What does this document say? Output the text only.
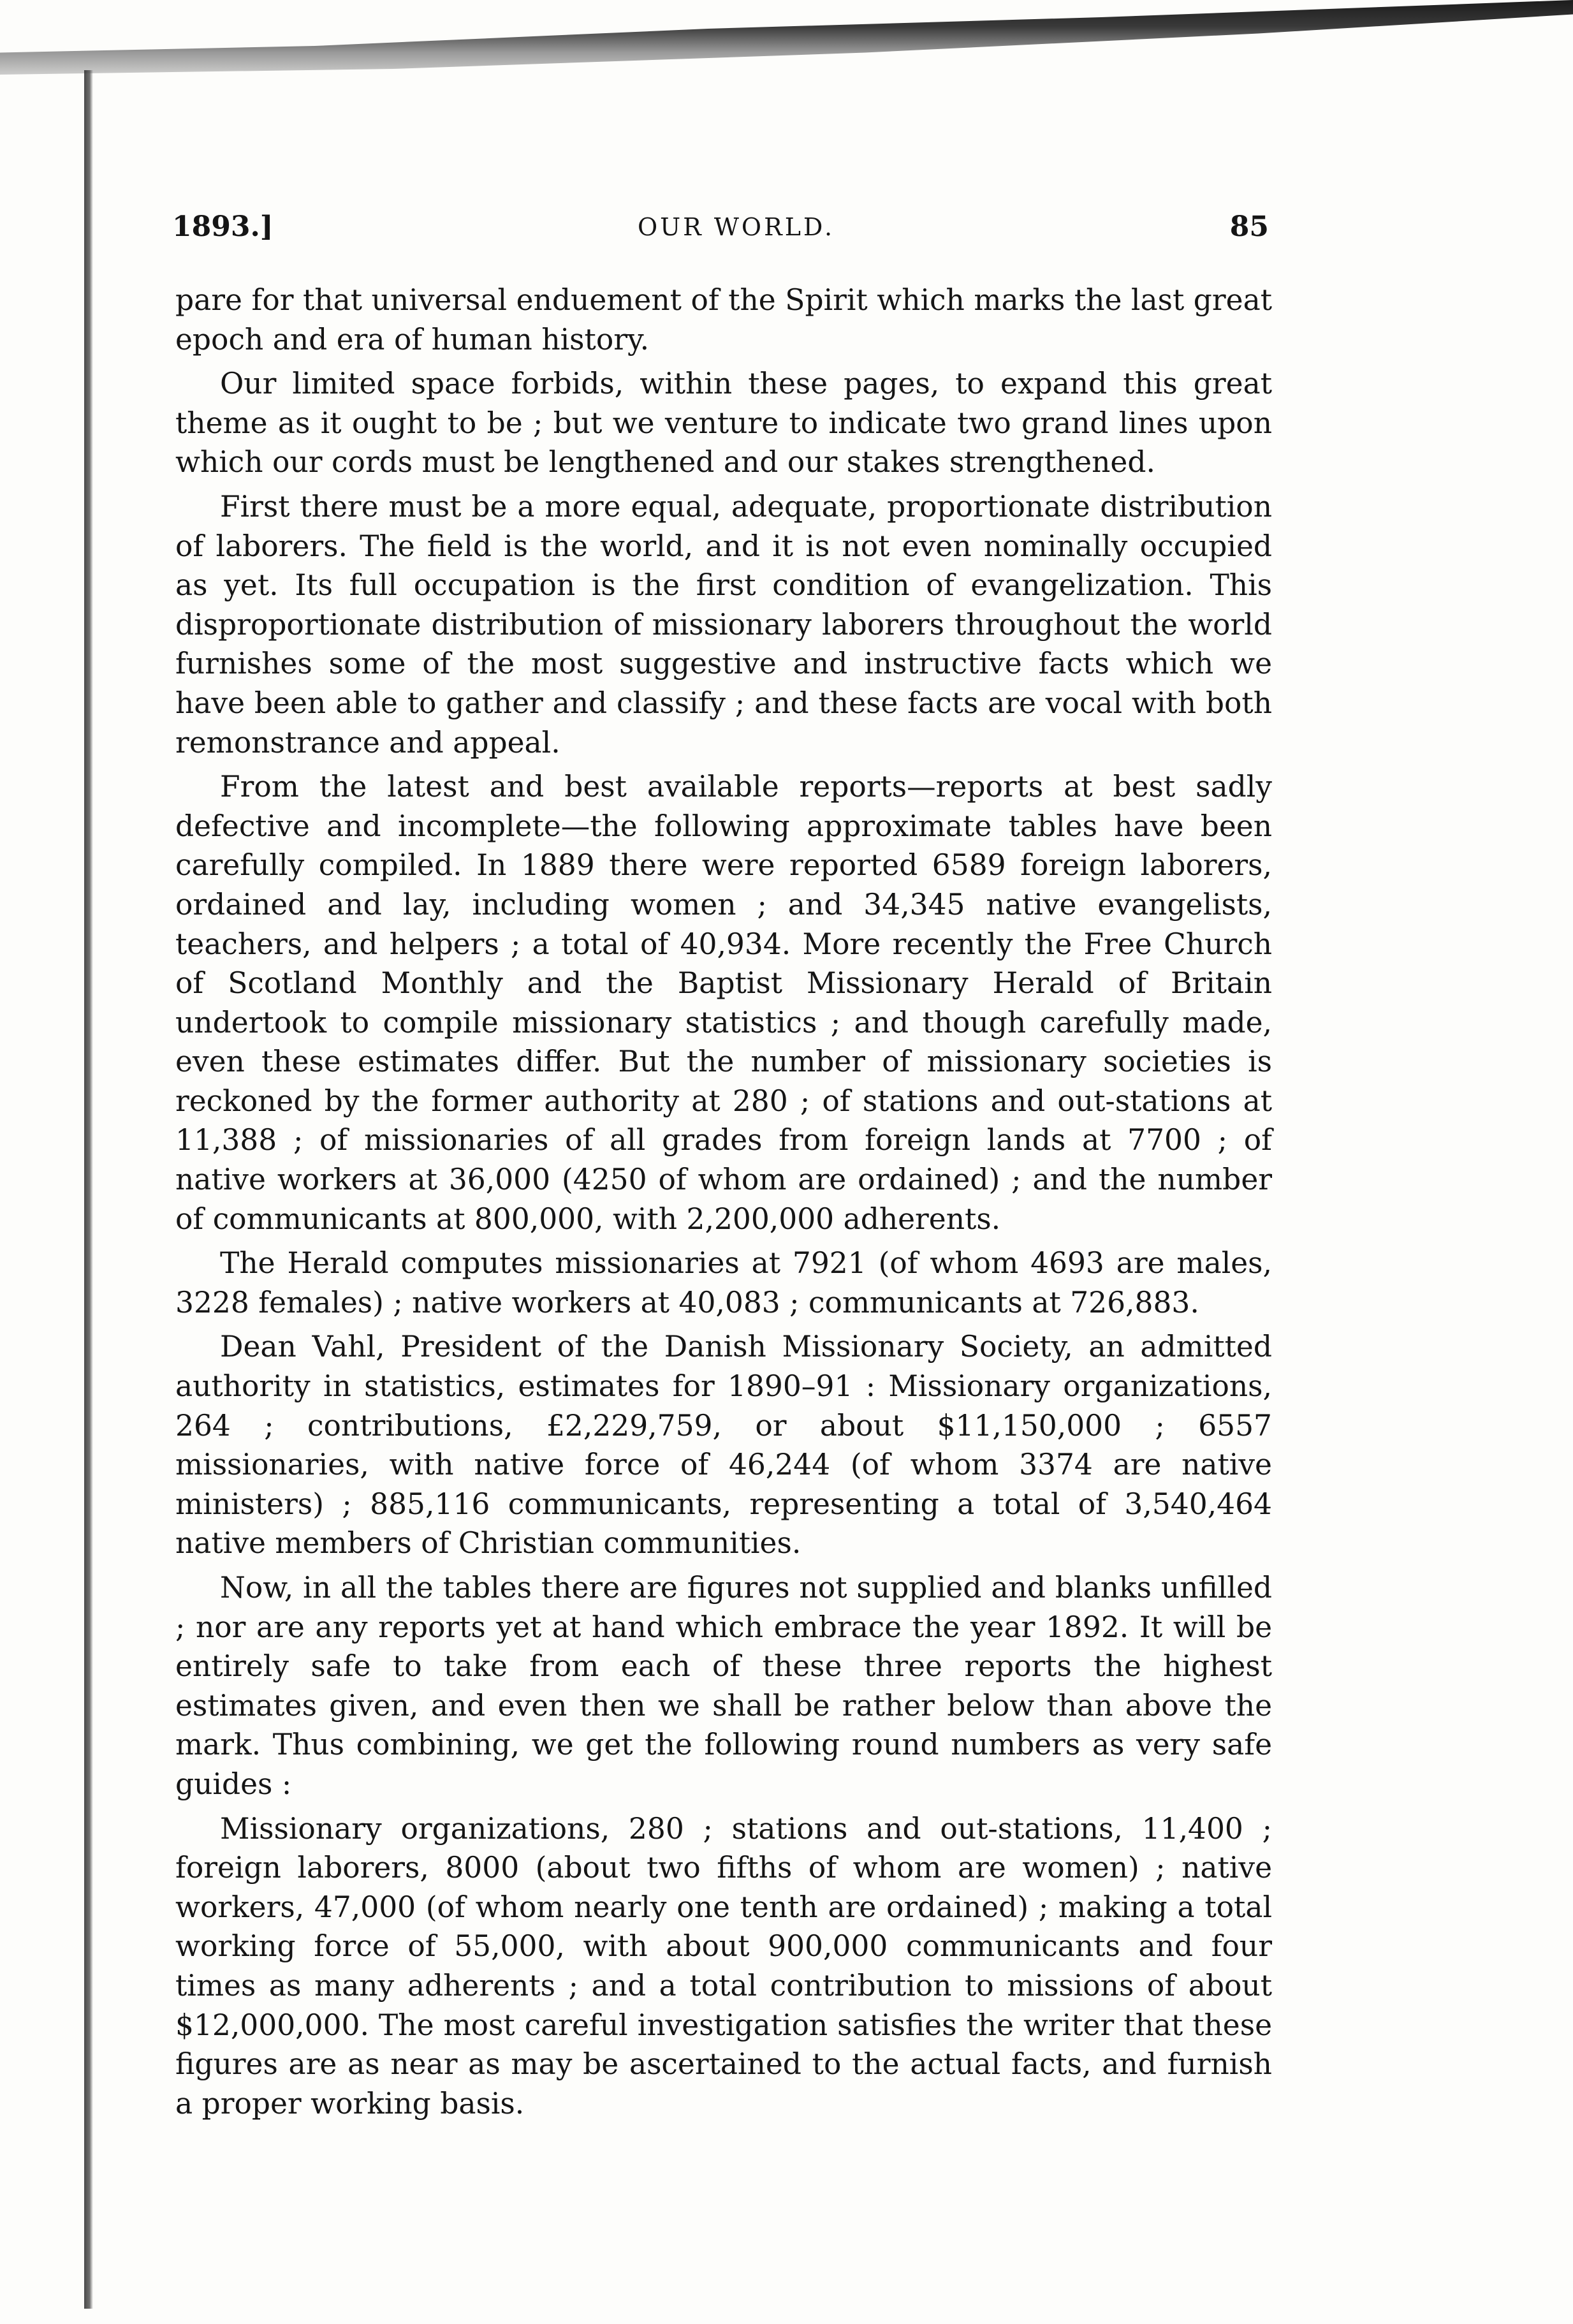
1893.]	OUR WORLD.	85

pare for that universal enduement of the Spirit which marks the last great epoch and era of human history.

Our limited space forbids, within these pages, to expand this great theme as it ought to be ; but we venture to indicate two grand lines upon which our cords must be lengthened and our stakes strengthened.

First there must be a more equal, adequate, proportionate distribution of laborers. The field is the world, and it is not even nominally occupied as yet. Its full occupation is the first condition of evangelization. This disproportionate distribution of missionary laborers throughout the world furnishes some of the most suggestive and instructive facts which we have been able to gather and classify ; and these facts are vocal with both remonstrance and appeal.

From the latest and best available reports—reports at best sadly defective and incomplete—the following approximate tables have been carefully compiled. In 1889 there were reported 6589 foreign laborers, ordained and lay, including women ; and 34,345 native evangelists, teachers, and helpers ; a total of 40,934. More recently the Free Church of Scotland Monthly and the Baptist Missionary Herald of Britain undertook to compile missionary statistics ; and though carefully made, even these estimates differ. But the number of missionary societies is reckoned by the former authority at 280 ; of stations and out-stations at 11,388 ; of missionaries of all grades from foreign lands at 7700 ; of native workers at 36,000 (4250 of whom are ordained) ; and the number of communicants at 800,000, with 2,200,000 adherents.

The Herald computes missionaries at 7921 (of whom 4693 are males, 3228 females) ; native workers at 40,083 ; communicants at 726,883.

Dean Vahl, President of the Danish Missionary Society, an admitted authority in statistics, estimates for 1890–91 : Missionary organizations, 264 ; contributions, £2,229,759, or about $11,150,000 ; 6557 missionaries, with native force of 46,244 (of whom 3374 are native ministers) ; 885,116 communicants, representing a total of 3,540,464 native members of Christian communities.

Now, in all the tables there are figures not supplied and blanks unfilled ; nor are any reports yet at hand which embrace the year 1892. It will be entirely safe to take from each of these three reports the highest estimates given, and even then we shall be rather below than above the mark. Thus combining, we get the following round numbers as very safe guides :

Missionary organizations, 280 ; stations and out-stations, 11,400 ; foreign laborers, 8000 (about two fifths of whom are women) ; native workers, 47,000 (of whom nearly one tenth are ordained) ; making a total working force of 55,000, with about 900,000 communicants and four times as many adherents ; and a total contribution to missions of about $12,000,000. The most careful investigation satisfies the writer that these figures are as near as may be ascertained to the actual facts, and furnish a proper working basis.
